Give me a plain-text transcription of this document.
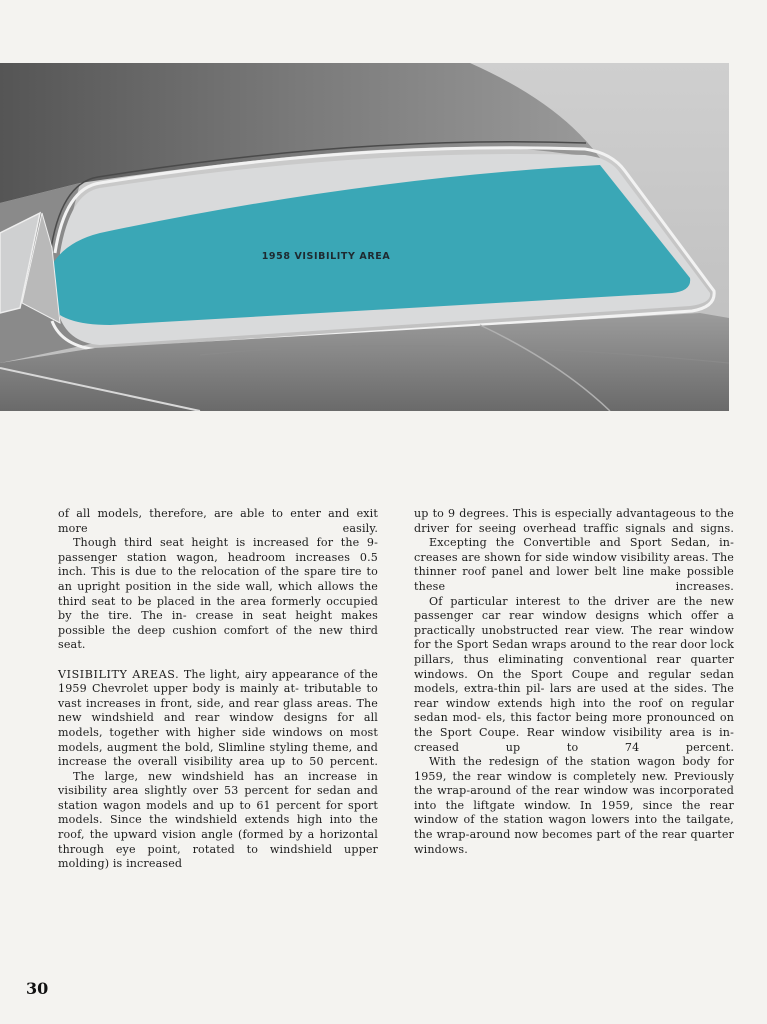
1958 VISIBILITY AREA

of all models, therefore, are able to enter and exit more easily.

Though third seat height is increased for the 9-passenger station wagon, headroom increases 0.5 inch. This is due to the relocation of the spare tire to an upright position in the side wall, which allows the third seat to be placed in the area formerly occupied by the tire. The in- crease in seat height makes possible the deep cushion comfort of the new third seat.

VISIBILITY AREAS. The light, airy appearance of the 1959 Chevrolet upper body is mainly at- tributable to vast increases in front, side, and rear glass areas. The new windshield and rear window designs for all models, together with higher side windows on most models, augment the bold, Slimline styling theme, and increase the overall visibility area up to 50 percent.

The large, new windshield has an increase in visibility area slightly over 53 percent for sedan and station wagon models and up to 61 percent for sport models. Since the windshield extends high into the roof, the upward vision angle (formed by a horizontal through eye point, rotated to windshield upper molding) is increased

up to 9 degrees. This is especially advantageous to the driver for seeing overhead traffic signals and signs.

Excepting the Convertible and Sport Sedan, in- creases are shown for side window visibility areas. The thinner roof panel and lower belt line make possible these increases.

Of particular interest to the driver are the new passenger car rear window designs which offer a practically unobstructed rear view. The rear window for the Sport Sedan wraps around to the rear door lock pillars, thus eliminating conventional rear quarter windows. On the Sport Coupe and regular sedan models, extra-thin pil- lars are used at the sides. The rear window extends high into the roof on regular sedan mod- els, this factor being more pronounced on the Sport Coupe. Rear window visibility area is in- creased up to 74 percent.

With the redesign of the station wagon body for 1959, the rear window is completely new. Previously the wrap-around of the rear window was incorporated into the liftgate window. In 1959, since the rear window of the station wagon lowers into the tailgate, the wrap-around now becomes part of the rear quarter windows.

30
